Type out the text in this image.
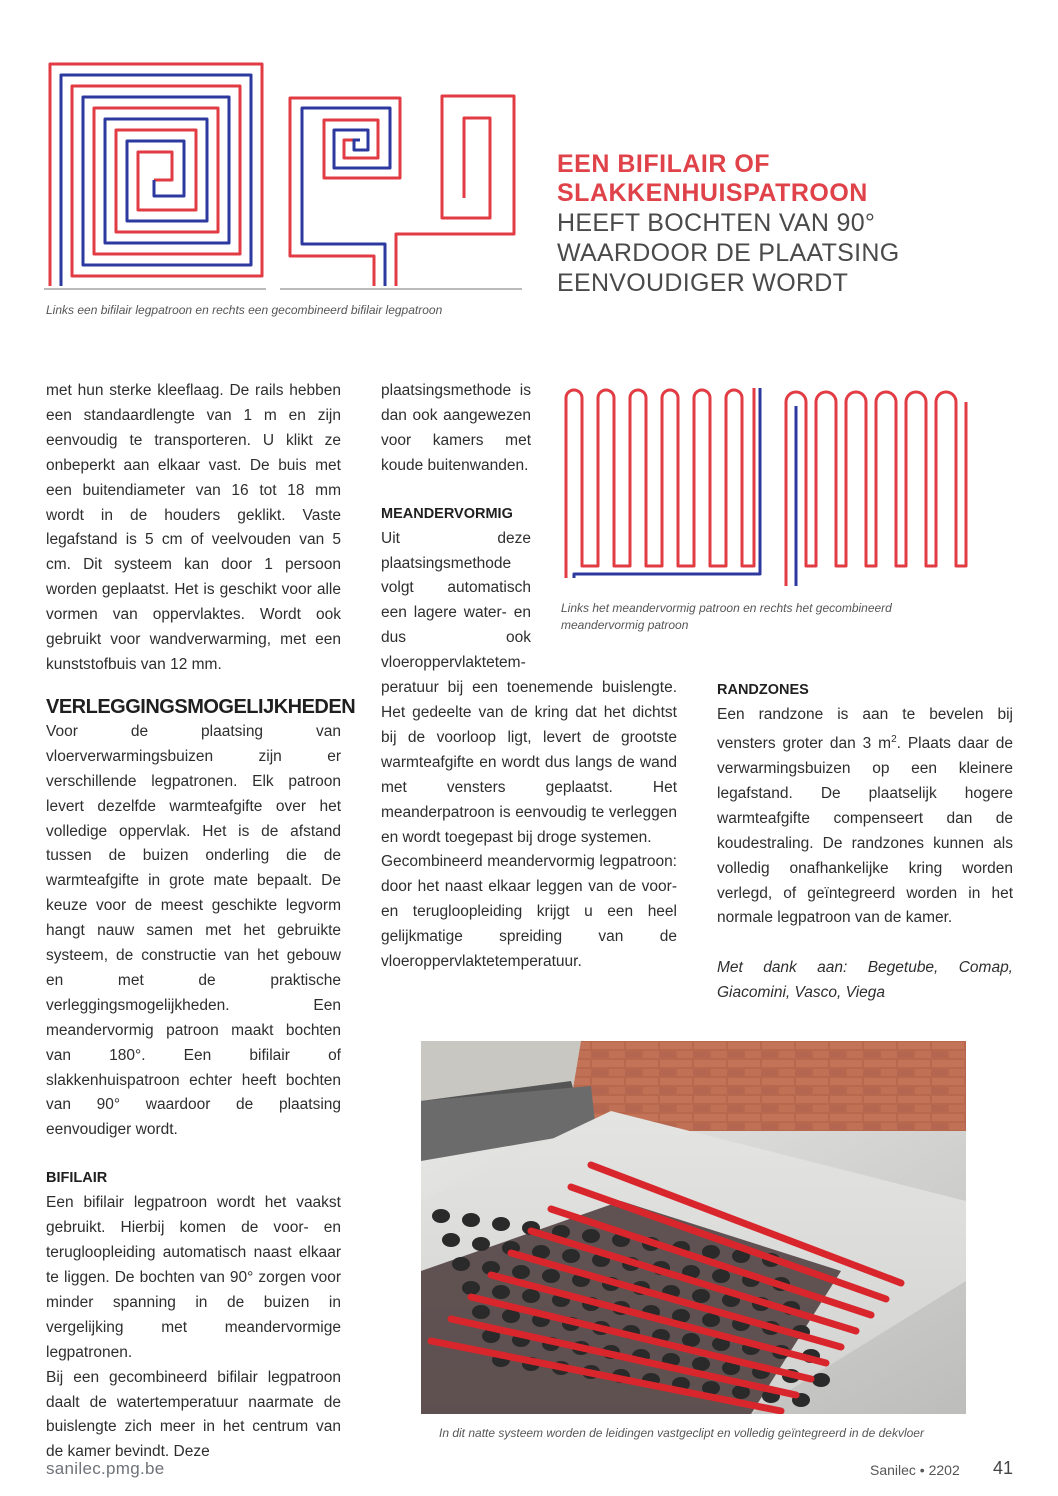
Links een bifilair legpatroon en rechts een gecombineerd bifilair legpatroon
EEN BIFILAIR OF
SLAKKENHUISPATROON
HEEFT BOCHTEN VAN 90°
WAARDOOR DE PLAATSING
EENVOUDIGER WORDT

met hun sterke kleeflaag. De rails hebben een standaardlengte van 1 m en zijn eenvoudig te transporteren. U klikt ze onbeperkt aan elkaar vast. De buis met een buitendiameter van 16 tot 18 mm wordt in de houders geklikt. Vaste legafstand is 5 cm of veelvouden van 5 cm. Dit systeem kan door 1 persoon worden geplaatst. Het is geschikt voor alle vormen van oppervlaktes. Wordt ook gebruikt voor wandverwarming, met een kunststofbuis van 12 mm.

VERLEGGINGSMOGELIJKHEDEN

Voor de plaatsing van vloerverwarmingsbuizen zijn er verschillende legpatronen. Elk patroon levert dezelfde warmteafgifte over het volledige oppervlak. Het is de afstand tussen de buizen onderling die de warmteafgifte in grote mate bepaalt. De keuze voor de meest geschikte legvorm hangt nauw samen met het gebruikte systeem, de constructie van het gebouw en met de praktische verleggingsmogelijkheden. Een meandervormig patroon maakt bochten van 180°. Een bifilair of slakkenhuispatroon echter heeft bochten van 90° waardoor de plaatsing eenvoudiger wordt.

BIFILAIR

Een bifilair legpatroon wordt het vaakst gebruikt. Hierbij komen de voor- en terugloopleiding automatisch naast elkaar te liggen. De bochten van 90° zorgen voor minder spanning in de buizen in vergelijking met meandervormige legpatronen.

Bij een gecombineerd bifilair legpatroon daalt de watertemperatuur naarmate de buislengte zich meer in het centrum van de kamer bevindt. Deze

plaatsingsmethode is dan ook aangewezen voor kamers met koude buitenwanden.

MEANDERVORMIG

Uit deze plaatsingsmethode volgt automatisch een lagere water- en dus ook vloeroppervlaktetem-

peratuur bij een toenemende buislengte. Het gedeelte van de kring dat het dichtst bij de voorloop ligt, levert de grootste warmteafgifte en wordt dus langs de wand met vensters geplaatst. Het meanderpatroon is eenvoudig te verleggen en wordt toegepast bij droge systemen.

Gecombineerd meandervormig legpatroon: door het naast elkaar leggen van de voor- en terugloopleiding krijgt u een heel gelijkmatige spreiding van de vloeroppervlaktetemperatuur.

Links het meandervormig patroon en rechts het gecombineerd meandervormig patroon
RANDZONES

Een randzone is aan te bevelen bij vensters groter dan 3 $m^2$. Plaats daar de verwarmingsbuizen op een kleinere legafstand. De plaatselijk hogere warmteafgifte compenseert dan de koudestraling. De randzones kunnen als volledig onafhankelijke kring worden verlegd, of geïntegreerd worden in het normale legpatroon van de kamer.

Met dank aan: Begetube, Comap, Giacomini, Vasco, Viega

In dit natte systeem worden de leidingen vastgeclipt en volledig geïntegreerd in de dekvloer
sanilec.pmg.be	Sanilec • 2202 41
